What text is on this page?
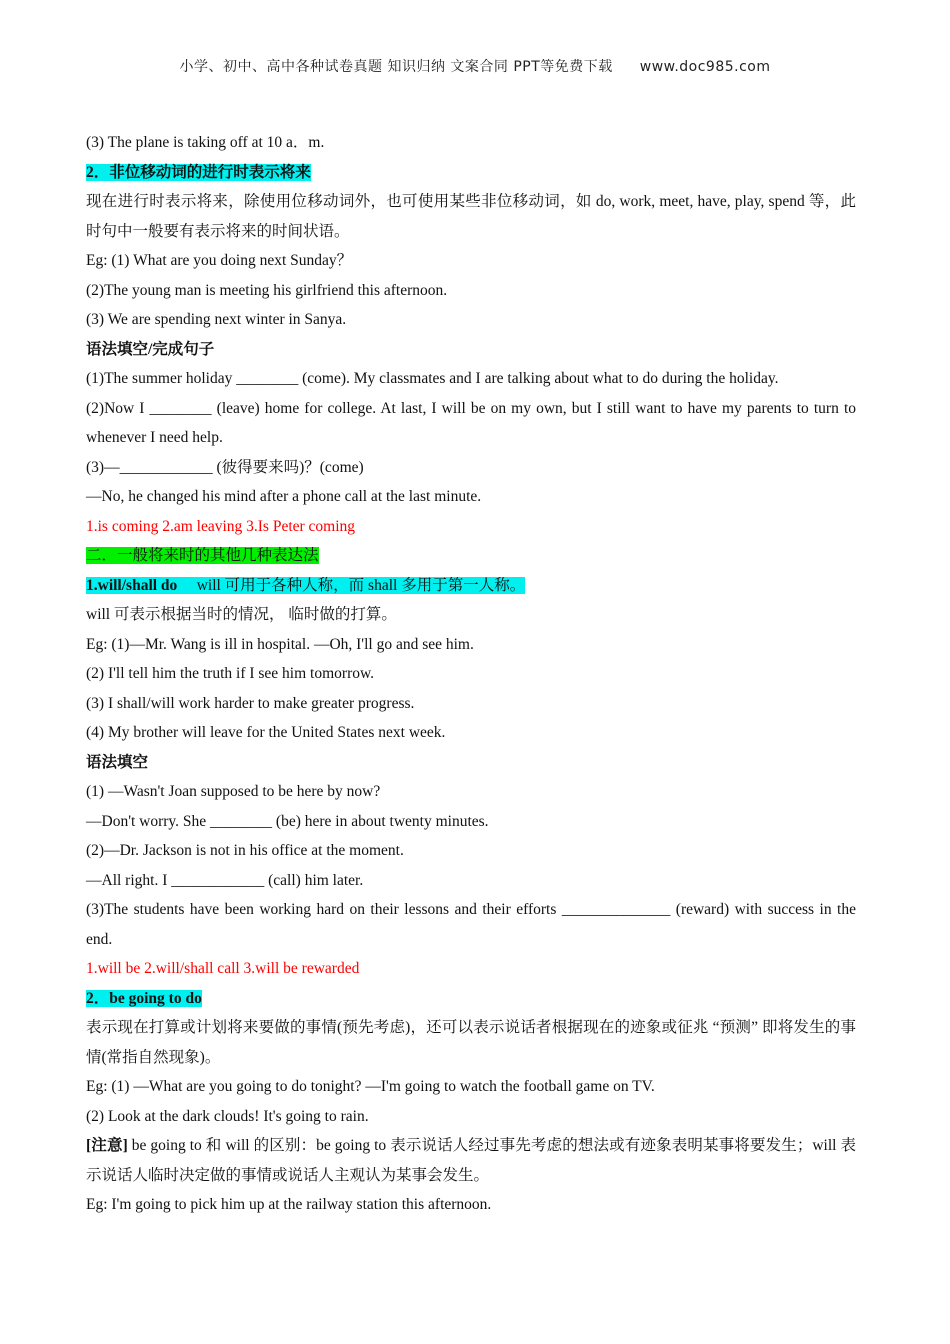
小学、初中、高中各种试卷真题 知识归纳 文案合同 PPT等免费下载 www.doc985.com

(3) The plane is taking off at 10 a．m.

2．非位移动词的进行时表示将来

现在进行时表示将来，除使用位移动词外，也可使用某些非位移动词，如 do, work, meet, have, play, spend 等，此时句中一般要有表示将来的时间状语。

Eg: (1) What are you doing next Sunday？

(2)The young man is meeting his girlfriend this afternoon.

(3) We are spending next winter in Sanya.

语法填空/完成句子

(1)The summer holiday ________ (come). My classmates and I are talking about what to do during the holiday.

(2)Now I ________ (leave) home for college. At last, I will be on my own, but I still want to have my parents to turn to whenever I need help.

(3)—____________ (彼得要来吗)？(come)

—No, he changed his mind after a phone call at the last minute.

1.is coming 2.am leaving 3.Is Peter coming

二．一般将来时的其他几种表达法

1.will/shall do will 可用于各种人称，而 shall 多用于第一人称。

will 可表示根据当时的情况， 临时做的打算。

Eg: (1)—Mr. Wang is ill in hospital. —Oh, I'll go and see him.

(2) I'll tell him the truth if I see him tomorrow.

(3) I shall/will work harder to make greater progress.

(4) My brother will leave for the United States next week.

语法填空

(1) —Wasn't Joan supposed to be here by now?

—Don't worry. She ________ (be) here in about twenty minutes.

(2)—Dr. Jackson is not in his office at the moment.

—All right. I ____________ (call) him later.

(3)The students have been working hard on their lessons and their efforts ______________ (reward) with success in the end.

1.will be 2.will/shall call 3.will be rewarded

2．be going to do

表示现在打算或计划将来要做的事情(预先考虑)，还可以表示说话者根据现在的迹象或征兆 “预测” 即将发生的事情(常指自然现象)。

Eg: (1) —What are you going to do tonight? —I'm going to watch the football game on TV.

(2) Look at the dark clouds! It's going to rain.

[注意] be going to 和 will 的区别：be going to 表示说话人经过事先考虑的想法或有迹象表明某事将要发生；will 表示说话人临时决定做的事情或说话人主观认为某事会发生。

Eg: I'm going to pick him up at the railway station this afternoon.
